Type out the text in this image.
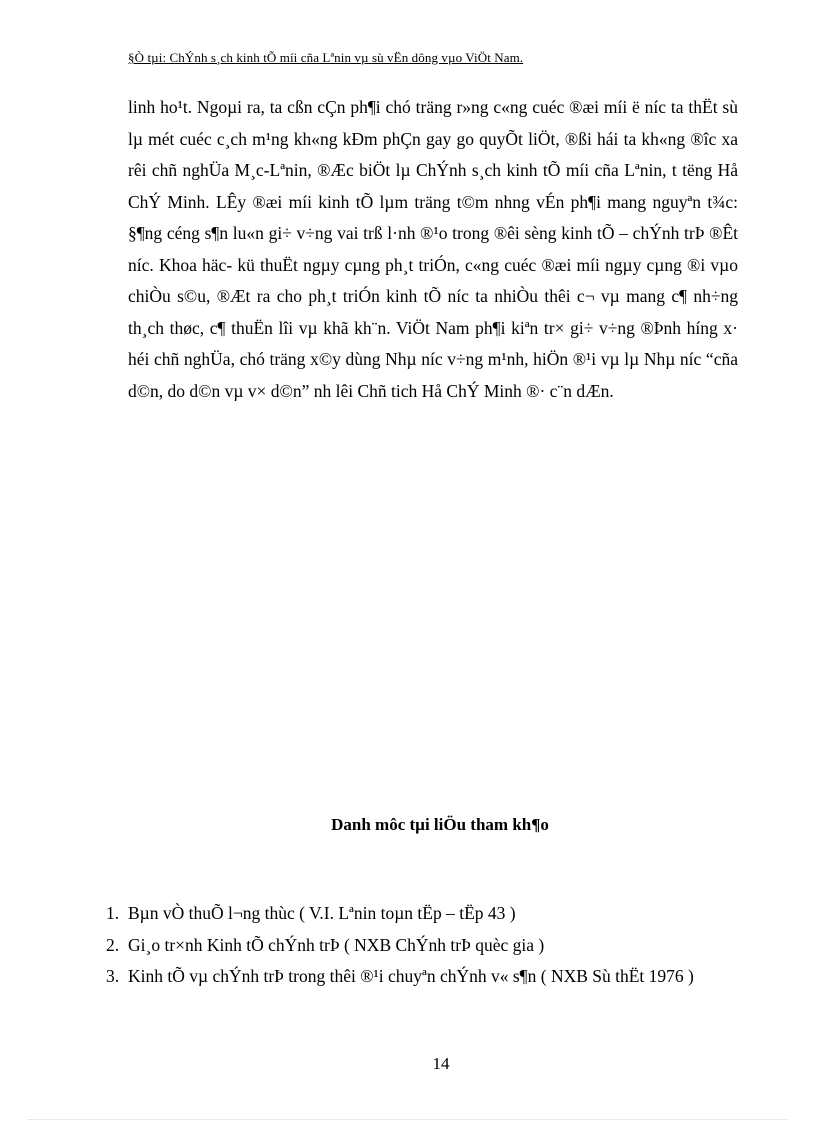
§Ò tµi: ChÝnh s¸ch kinh tÕ míi cña Lªnin vµ sù vËn dông vµo ViÖt Nam.

linh ho¹t. Ngoµi ra, ta cßn cÇn ph¶i chó träng r»ng c«ng cuéc ®æi míi ë níc ta thËt sù lµ mét cuéc c¸ch m¹ng kh«ng kÐm phÇn gay go quyÕt liÖt, ®ßi hái ta kh«ng ®îc xa rêi chñ nghÜa M¸c-Lªnin, ®Æc biÖt lµ ChÝnh s¸ch kinh tÕ míi cña Lªnin, t tëng Hå ChÝ Minh. LÊy ®æi míi kinh tÕ lµm träng t©m nhng vÉn ph¶i mang nguyªn t¾c: §¶ng céng s¶n lu«n gi÷ v÷ng vai trß l·nh ®¹o trong ®êi sèng kinh tÕ – chÝnh trÞ ®Êt níc. Khoa häc- kü thuËt ngµy cµng ph¸t triÓn, c«ng cuéc ®æi míi ngµy cµng ®i vµo chiÒu s©u, ®Æt ra cho ph¸t triÓn kinh tÕ níc ta nhiÒu thêi c¬ vµ mang c¶ nh÷ng th¸ch thøc, c¶ thuËn lîi vµ khã kh¨n. ViÖt Nam ph¶i kiªn tr× gi÷ v÷ng ®Þnh híng x· héi chñ nghÜa, chó träng x©y dùng Nhµ níc v÷ng m¹nh, hiÖn ®¹i vµ lµ Nhµ níc “cña d©n, do d©n vµ v× d©n” nh lêi Chñ tich Hå ChÝ Minh ®· c¨n dÆn.

Danh môc tµi liÖu tham kh¶o
1. Bµn vÒ thuÕ l¬ng thùc ( V.I. Lªnin toµn tËp – tËp 43 )
2. Gi¸o tr×nh Kinh tÕ chÝnh trÞ ( NXB ChÝnh trÞ quèc gia )
3. Kinh tÕ vµ chÝnh trÞ trong thêi ®¹i chuyªn chÝnh v« s¶n ( NXB Sù thËt 1976 )
14
